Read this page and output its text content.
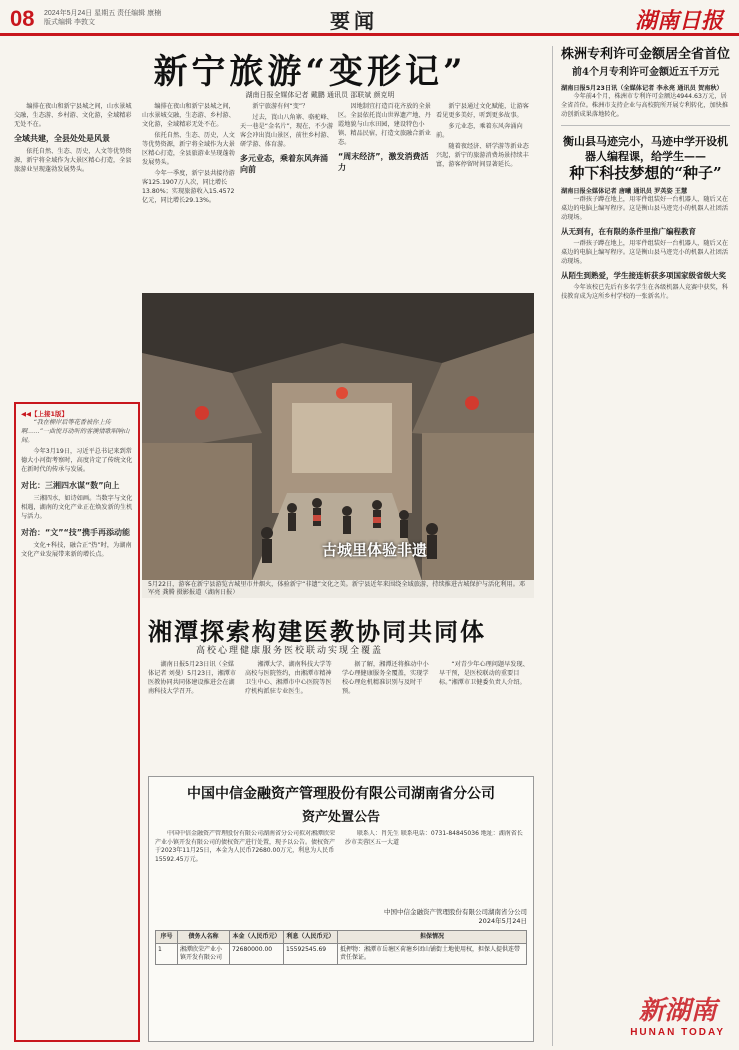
08 2024年5月24日 星期五 责任编辑 康楠 版式编辑 李敦文	要闻	湖南日报
新宁旅游“变形记”
湖南日报全媒体记者 戴鹏 通讯员 邵联斌 颜克明

编排在夜山和新宁县城之间，山水景城交融，生态游、乡村游、文化游，全域精彩无处不在。

依托自然、生态、历史，人文等优势资源，新宁将全域作为大景区精心打造，全县旅游业呈现蓬勃发展势头。

今年一季度，新宁县共接待游客125.1907万人次，同比增长13.80%；实现旅游收入15.4572亿元，同比增长29.13%。

新宁旅游有何“变”？

过去，崀山八角寨、骆驼峰、天一巷是“金名片”，现在，不少游客会冲出崀山景区，前往乡村游、研学游、体育游。

多元业态，乘着东风奔涌向前

因地制宜打造百花齐放的全景区。全县依托崀山世界遗产地、丹霞地貌与山水田园，建设特色小镇、精品民宿，打造文旅融合新业态。

“周末经济”，激发消费活力

新宁县通过文化赋能，让游客看见更多美好，听到更多故事。

多元业态，乘着东风奔涌向前。

随着夜经济、研学游等新业态兴起，新宁的旅游消费场景持续丰富，游客停留时间显著延长。

编排在夜山和新宁县城之间，山水景城交融，生态游、乡村游、文化游，全域精彩无处不在。

全域共建，全县处处是风景

依托自然、生态、历史，人文等优势资源，新宁将全域作为大景区精心打造，全县旅游业呈现蓬勃发展势头。

◀◀【上接1版】

“我在柳岸后等花香被你上传啊……”一曲悦耳动听的客澳情歌唱响山间。

今年3月19日，习近平总书记来到常德大小河街考察时，高度肯定了传统文化在新时代的传承与发展。

对比：三湘四水谋“数”向上

三湘四水，如诗如画。当数字与文化相遇，湖南的文化产业正在焕发新的生机与活力。

对治：“文”“技”携手再添动能

文化+科技，融合正“热”时，为湖南文化产业发展带来新的增长点。	古城里体验非遗
5月22日，游客在新宁县游览古城里市井烟火，体验新宁“非遗”文化之美。新宁县近年来围绕全域旅游，持续推进古城保护与活化利用。邓军亮 龚腾 摄影报道（湖南日报）
湘潭探索构建医教协同共同体
高校心理健康服务医校联动实现全覆盖

湖南日报5月23日讯（全媒体记者 刘曼）5月23日，湘潭市医教协同共同体建设推进会在湖南科技大学召开。

湘潭大学、湖南科技大学等高校与医院签约，由湘潭市精神卫生中心、湘潭市中心医院等医疗机构派驻专业医生。

据了解，湘潭还将推动中小学心理健康服务全覆盖，实现学校心理危机精准识别与及时干预。

“对青少年心理问题早发现、早干预，是医校联动的重要目标。”湘潭市卫健委负责人介绍。

中国中信金融资产管理股份有限公司湖南省分公司
资产处置公告

中国中信金融资产管理股份有限公司湖南省分公司拟对湘潭欣荣产业小镇开发有限公司的债权资产进行处置，现予以公告。债权资产于2023年11月25日，本金为人民币72680.00万元，利息为人民币15592.45万元。

联系人：肖先生 联系电话：0731-84845036 地址：湖南省长沙市芙蓉区五一大道

中国中信金融资产管理股份有限公司湖南省分公司
2024年5月24日
序号	债务人名称	本金（人民币元）	利息（人民币元）	担保情况
1	湘潭欣荣产业小镇开发有限公司	72680000.00	15592545.69	抵押物：湘潭市岳塘区荷塘乡团山铺街土地使用权，担保人提供连带责任保证。
株洲专利许可金额居全省首位
前4个月专利许可金额近五千万元
湖南日报5月23日讯（全媒体记者 李永亮 通讯员 贺南秋）

今年前4个月，株洲市专利许可金额达4944.63万元，居全省首位。株洲市支持企业与高校院所开展专利转化，加快推动创新成果落地转化。

衡山县马迹完小，马迹中学开设机器人编程课，给学生——
种下科技梦想的“种子”
湖南日报全媒体记者 唐曦 通讯员 罗英姿 王慧

一群孩子蹲在地上，用零件组装好一台机器人，随后又在桌边的电脑上编写程序。这是衡山县马迹完小的机器人社团活动现场。

从无到有，在有限的条件里推广编程教育

一群孩子蹲在地上，用零件组装好一台机器人，随后又在桌边的电脑上编写程序。这是衡山县马迹完小的机器人社团活动现场。

从陌生到熟爱，学生接连斩获多项国家级省级大奖

今年该校已先后有多名学生在各级机器人竞赛中获奖，科技教育成为这所乡村学校的一张新名片。

新湖南
HUNAN TODAY
